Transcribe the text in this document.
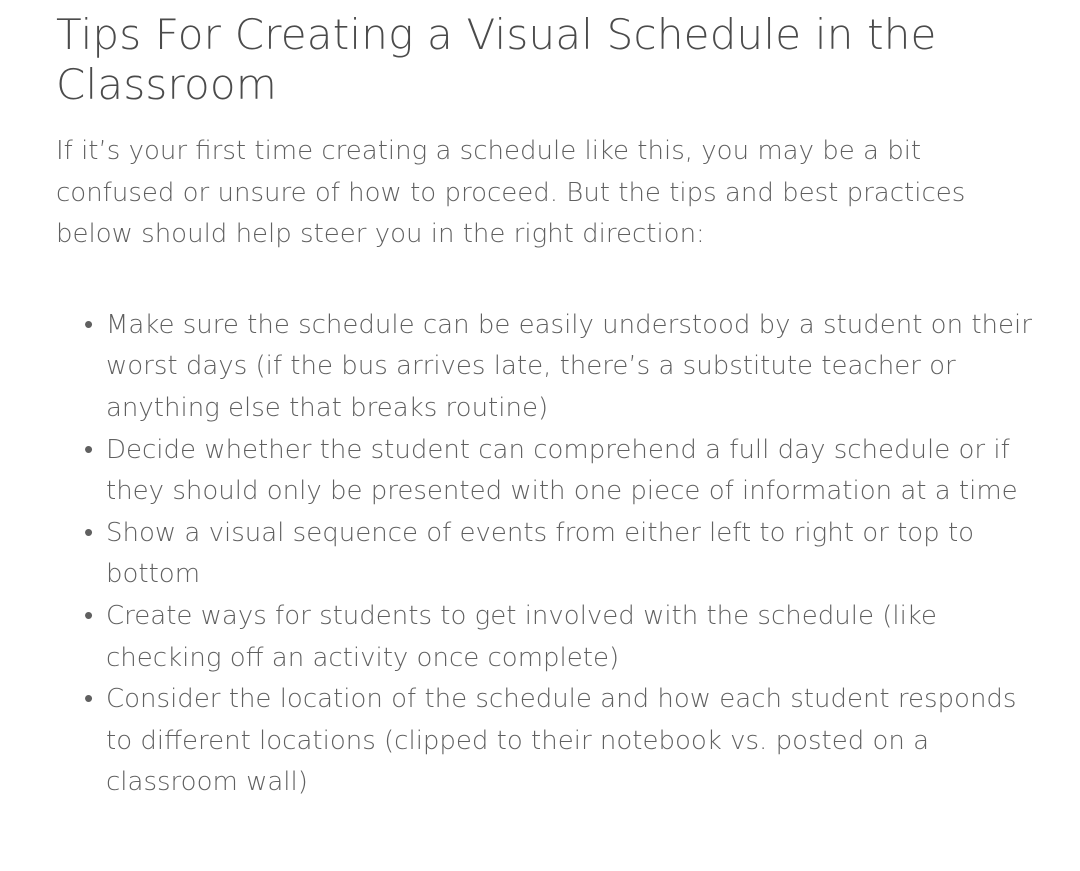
Tips For Creating a Visual Schedule in the Classroom

If it’s your first time creating a schedule like this, you may be a bit confused or unsure of how to proceed. But the tips and best practices below should help steer you in the right direction:

• Make sure the schedule can be easily understood by a student on their worst days (if the bus arrives late, there’s a substitute teacher or anything else that breaks routine)
• Decide whether the student can comprehend a full day schedule or if they should only be presented with one piece of information at a time
• Show a visual sequence of events from either left to right or top to bottom
• Create ways for students to get involved with the schedule (like checking off an activity once complete)
• Consider the location of the schedule and how each student responds to different locations (clipped to their notebook vs. posted on a classroom wall)
